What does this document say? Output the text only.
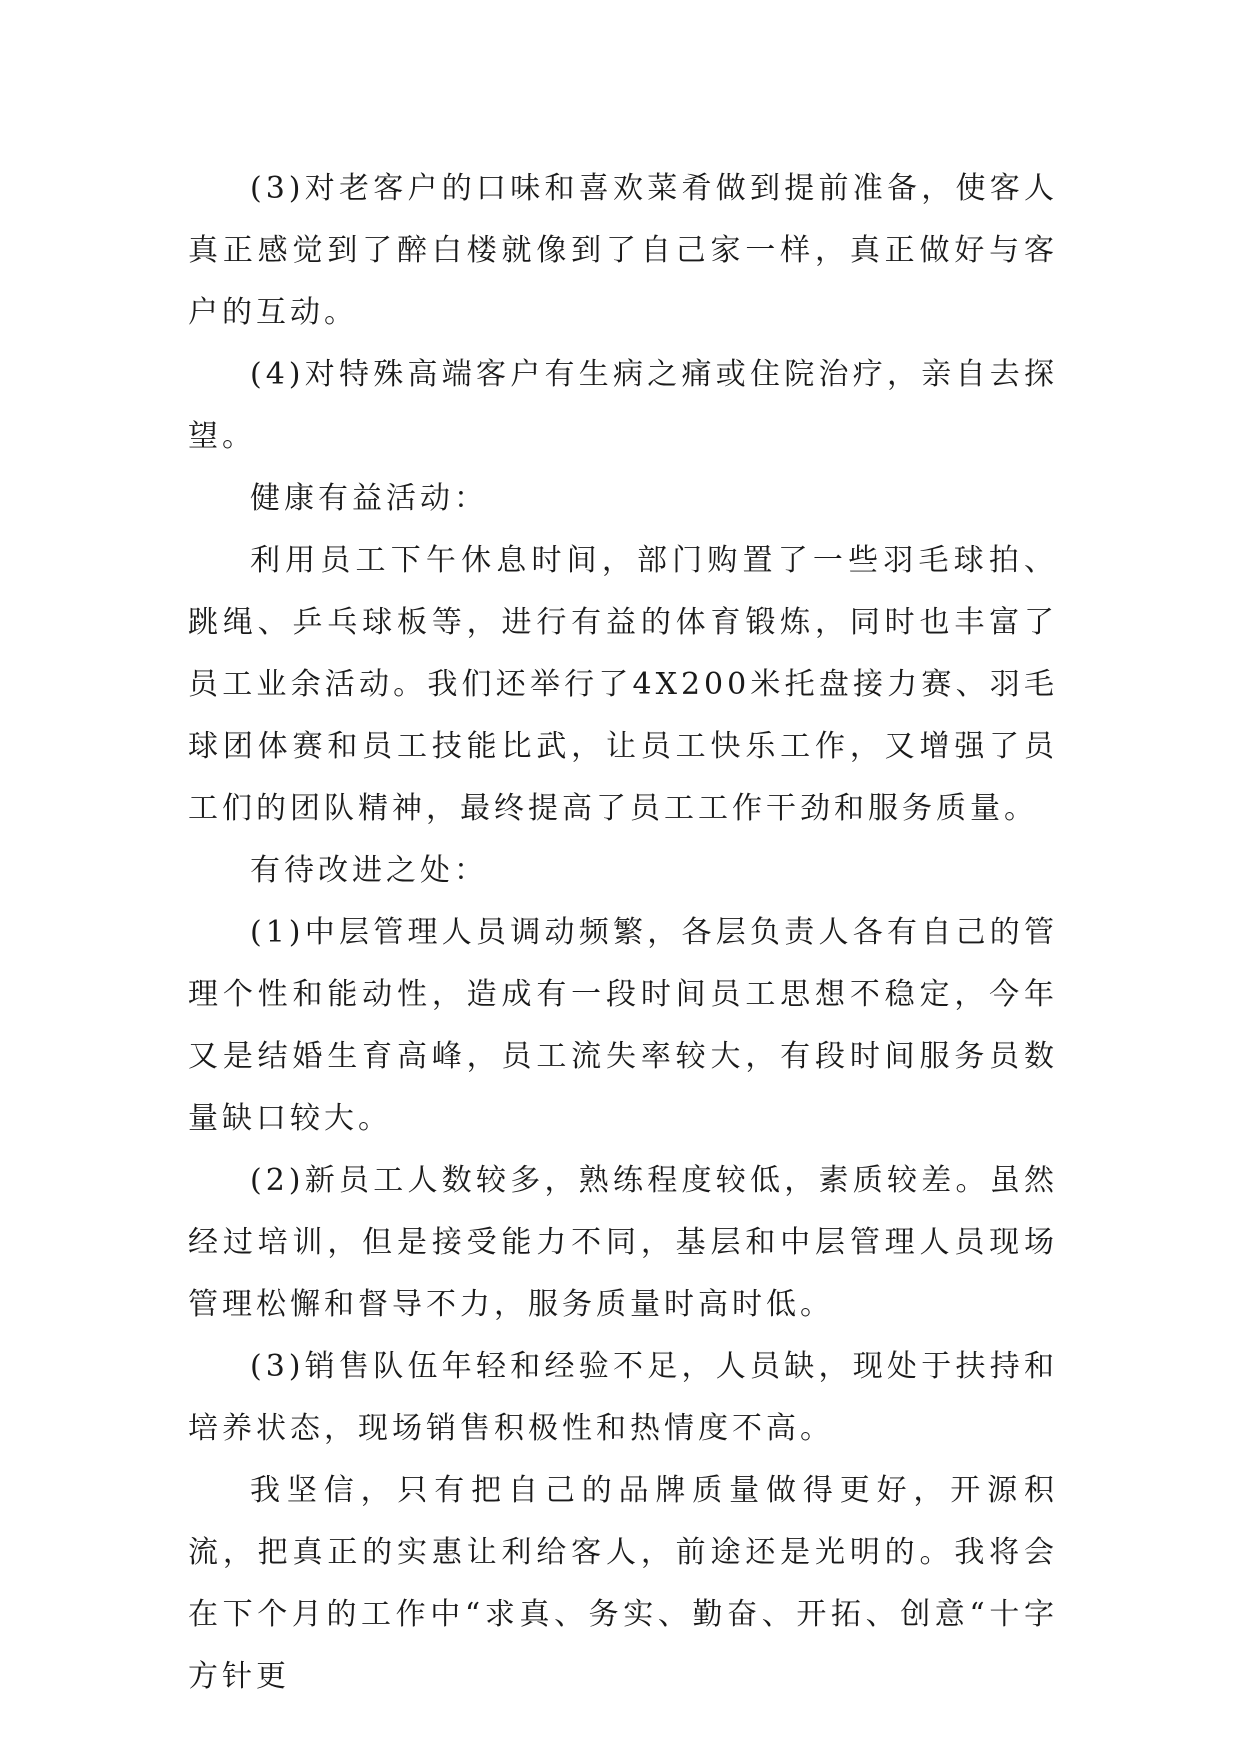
(3)对老客户的口味和喜欢菜肴做到提前准备，使客人真正感觉到了醉白楼就像到了自己家一样，真正做好与客户的互动。

(4)对特殊高端客户有生病之痛或住院治疗，亲自去探望。

健康有益活动：

利用员工下午休息时间，部门购置了一些羽毛球拍、跳绳、乒乓球板等，进行有益的体育锻炼，同时也丰富了员工业余活动。我们还举行了4X200米托盘接力赛、羽毛球团体赛和员工技能比武，让员工快乐工作，又增强了员工们的团队精神，最终提高了员工工作干劲和服务质量。

有待改进之处：

(1)中层管理人员调动频繁，各层负责人各有自己的管理个性和能动性，造成有一段时间员工思想不稳定，今年又是结婚生育高峰，员工流失率较大，有段时间服务员数量缺口较大。

(2)新员工人数较多，熟练程度较低，素质较差。虽然经过培训，但是接受能力不同，基层和中层管理人员现场管理松懈和督导不力，服务质量时高时低。

(3)销售队伍年轻和经验不足，人员缺，现处于扶持和培养状态，现场销售积极性和热情度不高。

我坚信，只有把自己的品牌质量做得更好，开源积流，把真正的实惠让利给客人，前途还是光明的。我将会在下个月的工作中“求真、务实、勤奋、开拓、创意“十字方针更
